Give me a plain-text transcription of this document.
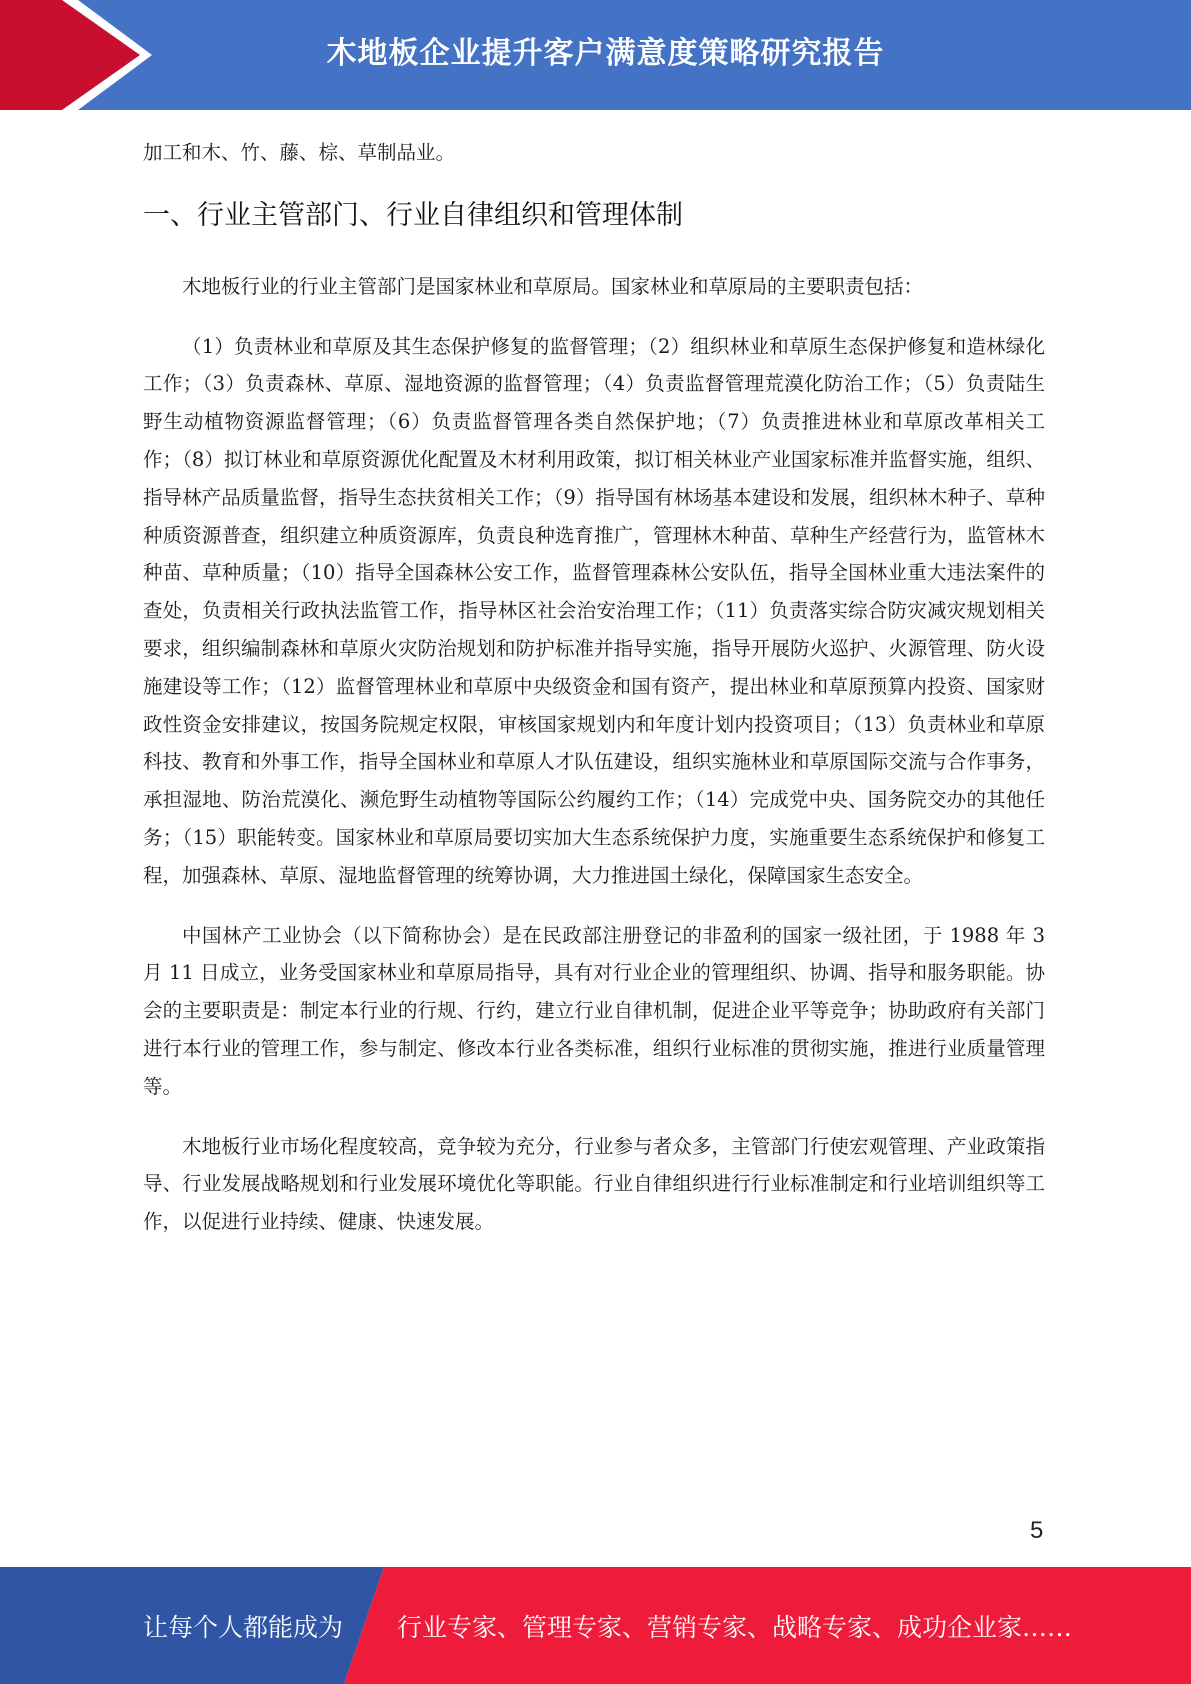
木地板企业提升客户满意度策略研究报告

加工和木、竹、藤、棕、草制品业。

一、行业主管部门、行业自律组织和管理体制

木地板行业的行业主管部门是国家林业和草原局。国家林业和草原局的主要职责包括：

（1）负责林业和草原及其生态保护修复的监督管理；（2）组织林业和草原生态保护修复和造林绿化工作；（3）负责森林、草原、湿地资源的监督管理；（4）负责监督管理荒漠化防治工作；（5）负责陆生野生动植物资源监督管理；（6）负责监督管理各类自然保护地；（7）负责推进林业和草原改革相关工作；（8）拟订林业和草原资源优化配置及木材利用政策，拟订相关林业产业国家标准并监督实施，组织、指导林产品质量监督，指导生态扶贫相关工作；（9）指导国有林场基本建设和发展，组织林木种子、草种种质资源普查，组织建立种质资源库，负责良种选育推广，管理林木种苗、草种生产经营行为，监管林木种苗、草种质量；（10）指导全国森林公安工作，监督管理森林公安队伍，指导全国林业重大违法案件的查处，负责相关行政执法监管工作，指导林区社会治安治理工作；（11）负责落实综合防灾减灾规划相关要求，组织编制森林和草原火灾防治规划和防护标准并指导实施，指导开展防火巡护、火源管理、防火设施建设等工作；（12）监督管理林业和草原中央级资金和国有资产，提出林业和草原预算内投资、国家财政性资金安排建议，按国务院规定权限，审核国家规划内和年度计划内投资项目；（13）负责林业和草原科技、教育和外事工作，指导全国林业和草原人才队伍建设，组织实施林业和草原国际交流与合作事务，承担湿地、防治荒漠化、濒危野生动植物等国际公约履约工作；（14）完成党中央、国务院交办的其他任务；（15）职能转变。国家林业和草原局要切实加大生态系统保护力度，实施重要生态系统保护和修复工程，加强森林、草原、湿地监督管理的统筹协调，大力推进国土绿化，保障国家生态安全。

中国林产工业协会（以下简称协会）是在民政部注册登记的非盈利的国家一级社团，于 1988 年 3 月 11 日成立，业务受国家林业和草原局指导，具有对行业企业的管理组织、协调、指导和服务职能。协会的主要职责是：制定本行业的行规、行约，建立行业自律机制，促进企业平等竞争；协助政府有关部门进行本行业的管理工作，参与制定、修改本行业各类标准，组织行业标准的贯彻实施，推进行业质量管理等。

木地板行业市场化程度较高，竞争较为充分，行业参与者众多，主管部门行使宏观管理、产业政策指导、行业发展战略规划和行业发展环境优化等职能。行业自律组织进行行业标准制定和行业培训组织等工作，以促进行业持续、健康、快速发展。

5
让每个人都能成为 行业专家、管理专家、营销专家、战略专家、成功企业家……
